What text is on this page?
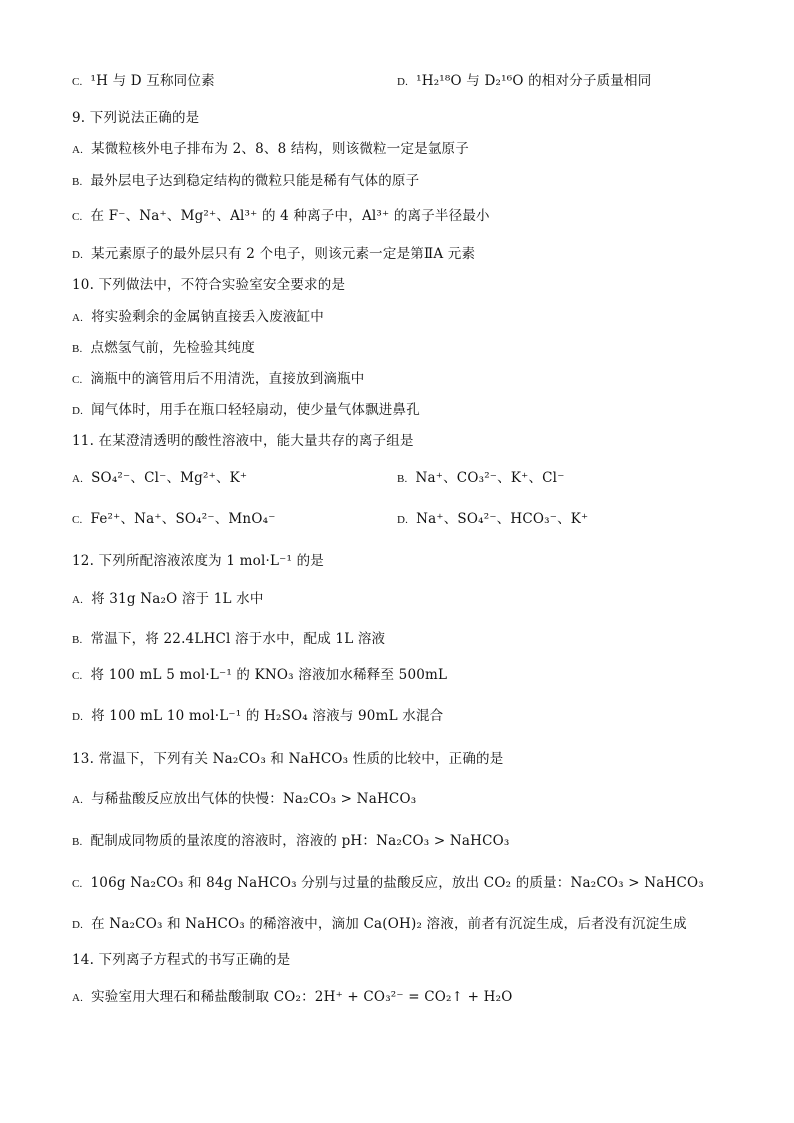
C. ¹H 与 D 互称同位素	D. ¹H₂¹⁸O 与 D₂¹⁶O 的相对分子质量相同
9. 下列说法正确的是
A. 某微粒核外电子排布为 2、8、8 结构，则该微粒一定是氩原子
B. 最外层电子达到稳定结构的微粒只能是稀有气体的原子
C. 在 F⁻、Na⁺、Mg²⁺、Al³⁺ 的 4 种离子中，Al³⁺ 的离子半径最小
D. 某元素原子的最外层只有 2 个电子，则该元素一定是第ⅡA 元素
10. 下列做法中，不符合实验室安全要求的是
A. 将实验剩余的金属钠直接丢入废液缸中
B. 点燃氢气前，先检验其纯度
C. 滴瓶中的滴管用后不用清洗，直接放到滴瓶中
D. 闻气体时，用手在瓶口轻轻扇动，使少量气体飘进鼻孔
11. 在某澄清透明的酸性溶液中，能大量共存的离子组是
A. SO₄²⁻、Cl⁻、Mg²⁺、K⁺	B. Na⁺、CO₃²⁻、K⁺、Cl⁻
C. Fe²⁺、Na⁺、SO₄²⁻、MnO₄⁻	D. Na⁺、SO₄²⁻、HCO₃⁻、K⁺
12. 下列所配溶液浓度为 1 mol·L⁻¹ 的是
A. 将 31g Na₂O 溶于 1L 水中
B. 常温下，将 22.4LHCl 溶于水中，配成 1L 溶液
C. 将 100 mL 5 mol·L⁻¹ 的 KNO₃ 溶液加水稀释至 500mL
D. 将 100 mL 10 mol·L⁻¹ 的 H₂SO₄ 溶液与 90mL 水混合
13. 常温下，下列有关 Na₂CO₃ 和 NaHCO₃ 性质的比较中，正确的是
A. 与稀盐酸反应放出气体的快慢：Na₂CO₃ > NaHCO₃
B. 配制成同物质的量浓度的溶液时，溶液的 pH：Na₂CO₃ > NaHCO₃
C. 106g Na₂CO₃ 和 84g NaHCO₃ 分别与过量的盐酸反应，放出 CO₂ 的质量：Na₂CO₃ > NaHCO₃
D. 在 Na₂CO₃ 和 NaHCO₃ 的稀溶液中，滴加 Ca(OH)₂ 溶液，前者有沉淀生成，后者没有沉淀生成
14. 下列离子方程式的书写正确的是
A. 实验室用大理石和稀盐酸制取 CO₂：2H⁺ + CO₃²⁻ = CO₂↑ + H₂O
